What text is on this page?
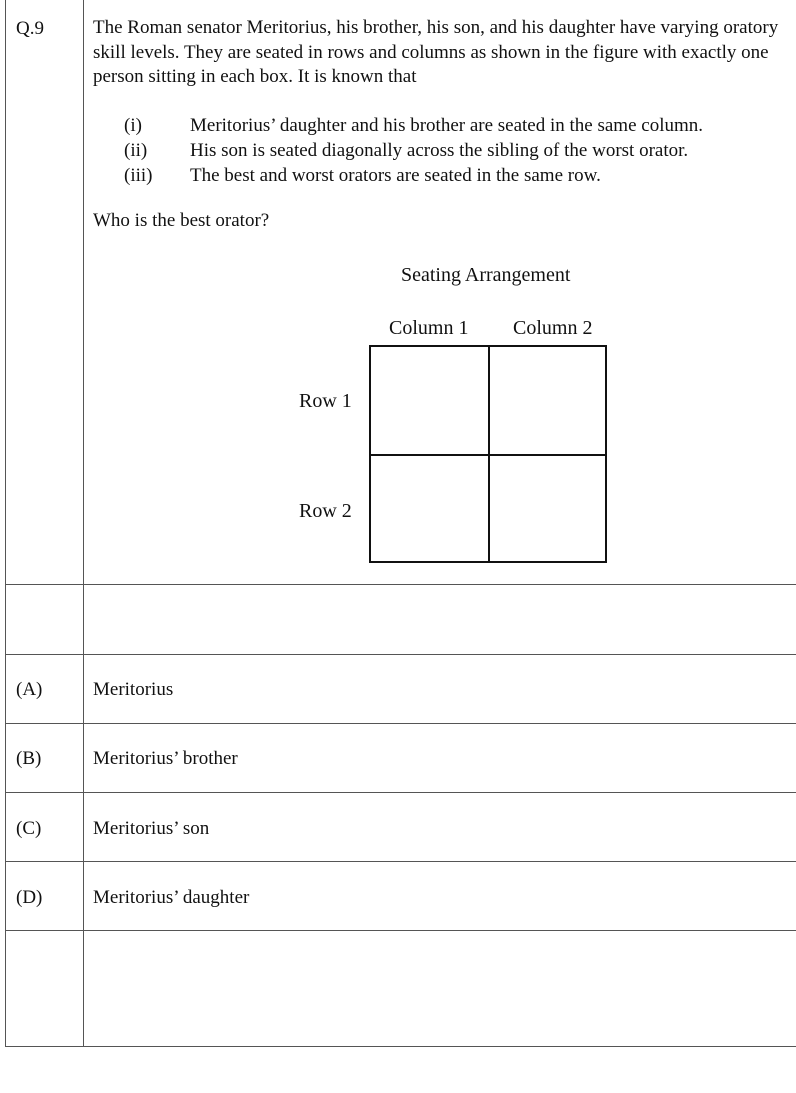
Q.9	The Roman senator Meritorius, his brother, his son, and his daughter have varying oratory skill levels. They are seated in rows and columns as shown in the figure with exactly one person sitting in each box. It is known that
(i)	Meritorius’ daughter and his brother are seated in the same column.
(ii) His son is seated diagonally across the sibling of the worst orator.
(iii) The best and worst orators are seated in the same row.
Who is the best orator?
Seating Arrangement
Column 1 Column 2
Row 1
Row 2
(A)	Meritorius
(B)	Meritorius’ brother
(C)	Meritorius’ son
(D)	Meritorius’ daughter
